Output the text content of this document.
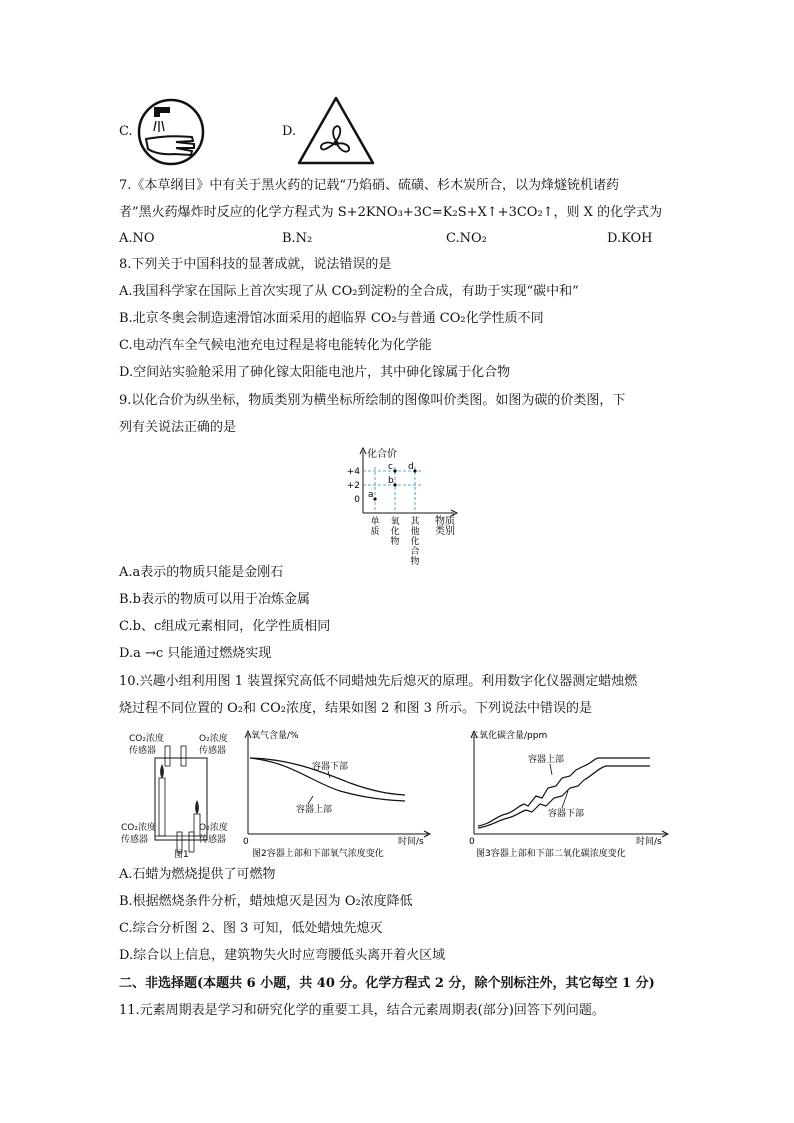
C.	D.
7.《本草纲目》中有关于黑火药的记载“乃焰硝、硫磺、杉木炭所合，以为烽燧铳机诸药
者”黑火药爆炸时反应的化学方程式为 S+2KNO₃+3C=K₂S+X↑+3CO₂↑，则 X 的化学式为
A.NO	B.N₂	C.NO₂	D.KOH
8.下列关于中国科技的显著成就，说法错误的是
A.我国科学家在国际上首次实现了从 CO₂到淀粉的全合成，有助于实现“碳中和”
B.北京冬奥会制造速滑馆冰面采用的超临界 CO₂与普通 CO₂化学性质不同
C.电动汽车全气候电池充电过程是将电能转化为化学能
D.空间站实验舱采用了砷化镓太阳能电池片，其中砷化镓属于化合物
9.以化合价为纵坐标，物质类别为横坐标所绘制的图像叫价类图。如图为碳的价类图，下
列有关说法正确的是
化合价
+4
+2
0 a
b
c d
单
质
氧
化
物
其
他
化
合
物
物质类别
A.a表示的物质只能是金刚石
B.b表示的物质可以用于冶炼金属
C.b、c组成元素相同，化学性质相同
D.a →c 只能通过燃烧实现
10.兴趣小组利用图 1 装置探究高低不同蜡烛先后熄灭的原理。利用数字化仪器测定蜡烛燃
烧过程不同位置的 O₂和 CO₂浓度，结果如图 2 和图 3 所示。下列说法中错误的是
CO₂浓度
传感器
O₂浓度
传感器
CO₂浓度
传感器
O₂浓度
传感器
图1
氧气含量/%
0	时间/s
容器下部
容器上部
图2容器上部和下部氧气浓度变化
二氧化碳含量/ppm
0	时间/s
容器上部
容器下部
图3容器上部和下部二氧化碳浓度变化
A.石蜡为燃烧提供了可燃物
B.根据燃烧条件分析，蜡烛熄灭是因为 O₂浓度降低
C.综合分析图 2、图 3 可知，低处蜡烛先熄灭
D.综合以上信息，建筑物失火时应弯腰低头离开着火区域
二、非选择题(本题共 6 小题，共 40 分。化学方程式 2 分，除个别标注外，其它每空 1 分)
11.元素周期表是学习和研究化学的重要工具，结合元素周期表(部分)回答下列问题。
